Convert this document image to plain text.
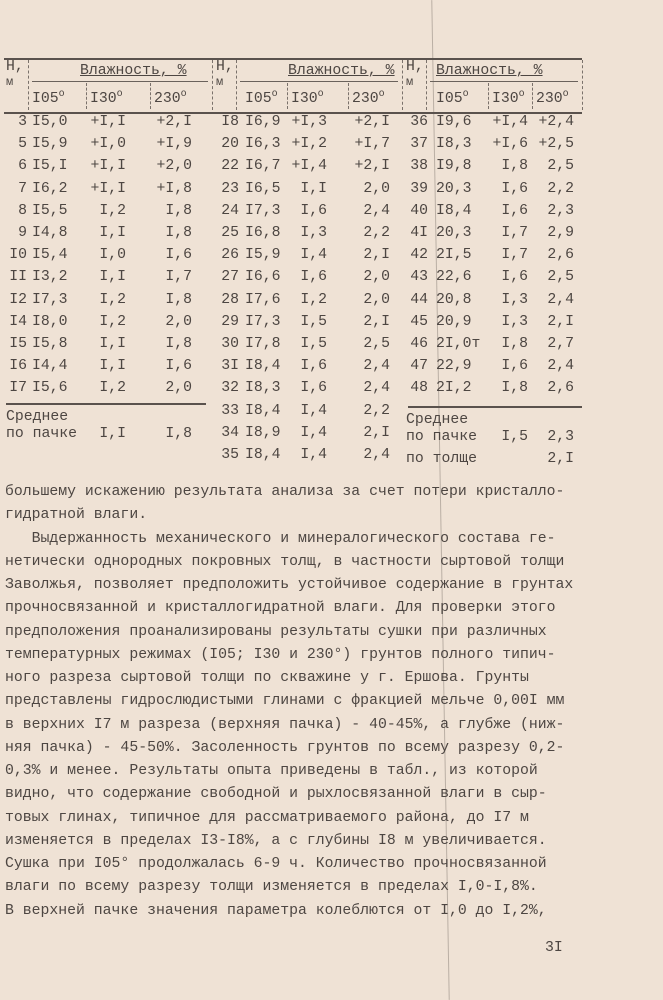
Н,
м
Влажность, %
$I05^о$ $I30^о$ $230^о$
Н,
м
Влажность, %
$I05^о$ $I30^о$ $230^о$
Н,
м
Влажность, %
$I05^о$ $I30^о$ $230^о$
3 I5,0 +I,I +2,I
5 I5,9 +I,0 +I,9
6 I5,I +I,I +2,0
7 I6,2 +I,I +I,8
8 I5,5 I,2	I,8
9 I4,8 I,I	I,8
I0 I5,4 I,0	I,6
II I3,2 I,I	I,7
I2 I7,3 I,2	I,8
I4 I8,0 I,2	2,0
I5 I5,8 I,I	I,8
I6 I4,4 I,I	I,6
I7 I5,6 I,2	2,0
Среднее
по пачке I,I	I,8
I8 I6,9 +I,3 +2,I
20 I6,3 +I,2 +I,7
22 I6,7 +I,4 +2,I
23 I6,5 I,I 2,0
24 I7,3 I,6 2,4
25 I6,8 I,3 2,2
26 I5,9 I,4 2,I
27 I6,6 I,6 2,0
28 I7,6 I,2 2,0
29 I7,3 I,5 2,I
30 I7,8 I,5 2,5
3I I8,4 I,6 2,4
32 I8,3 I,6 2,4
33 I8,4 I,4 2,2
34 I8,9 I,4 2,I
35 I8,4 I,4 2,4
36 I9,6 +I,4 +2,4
37 I8,3 +I,6 +2,5
38 I9,8 I,8 2,5
39 20,3 I,6 2,2
40 I8,4 I,6 2,3
4I 20,3 I,7 2,9
42 2I,5 I,7 2,6
43 22,6 I,6 2,5
44 20,8 I,3 2,4
45 20,9 I,3 2,I
46 2I,0т I,8 2,7
47 22,9 I,6 2,4
48 2I,2 I,8 2,6
Среднее
по пачке I,5 2,3
по толще	2,I
большему искажению результата анализа за счет потери кристалло-
гидратной влаги.
Выдержанность механического и минералогического состава ге-
нетически однородных покровных толщ, в частности сыртовой толщи
Заволжья, позволяет предположить устойчивое содержание в грунтах
прочносвязанной и кристаллогидратной влаги. Для проверки этого
предположения проанализированы результаты сушки при различных
температурных режимах (I05; I30 и 230°) грунтов полного типич-
ного разреза сыртовой толщи по скважине у г. Ершова. Грунты
представлены гидрослюдистыми глинами с фракцией мельче 0,00I мм
в верхних I7 м разреза (верхняя пачка) - 40-45%, а глубже (ниж-
няя пачка) - 45-50%. Засоленность грунтов по всему разрезу 0,2-
0,3% и менее. Результаты опыта приведены в табл., из которой
видно, что содержание свободной и рыхлосвязанной влаги в сыр-
товых глинах, типичное для рассматриваемого района, до I7 м
изменяется в пределах I3-I8%, а с глубины I8 м увеличивается.
Сушка при I05° продолжалась 6-9 ч. Количество прочносвязанной
влаги по всему разрезу толщи изменяется в пределах I,0-I,8%.
В верхней пачке значения параметра колеблются от I,0 до I,2%,
3I
